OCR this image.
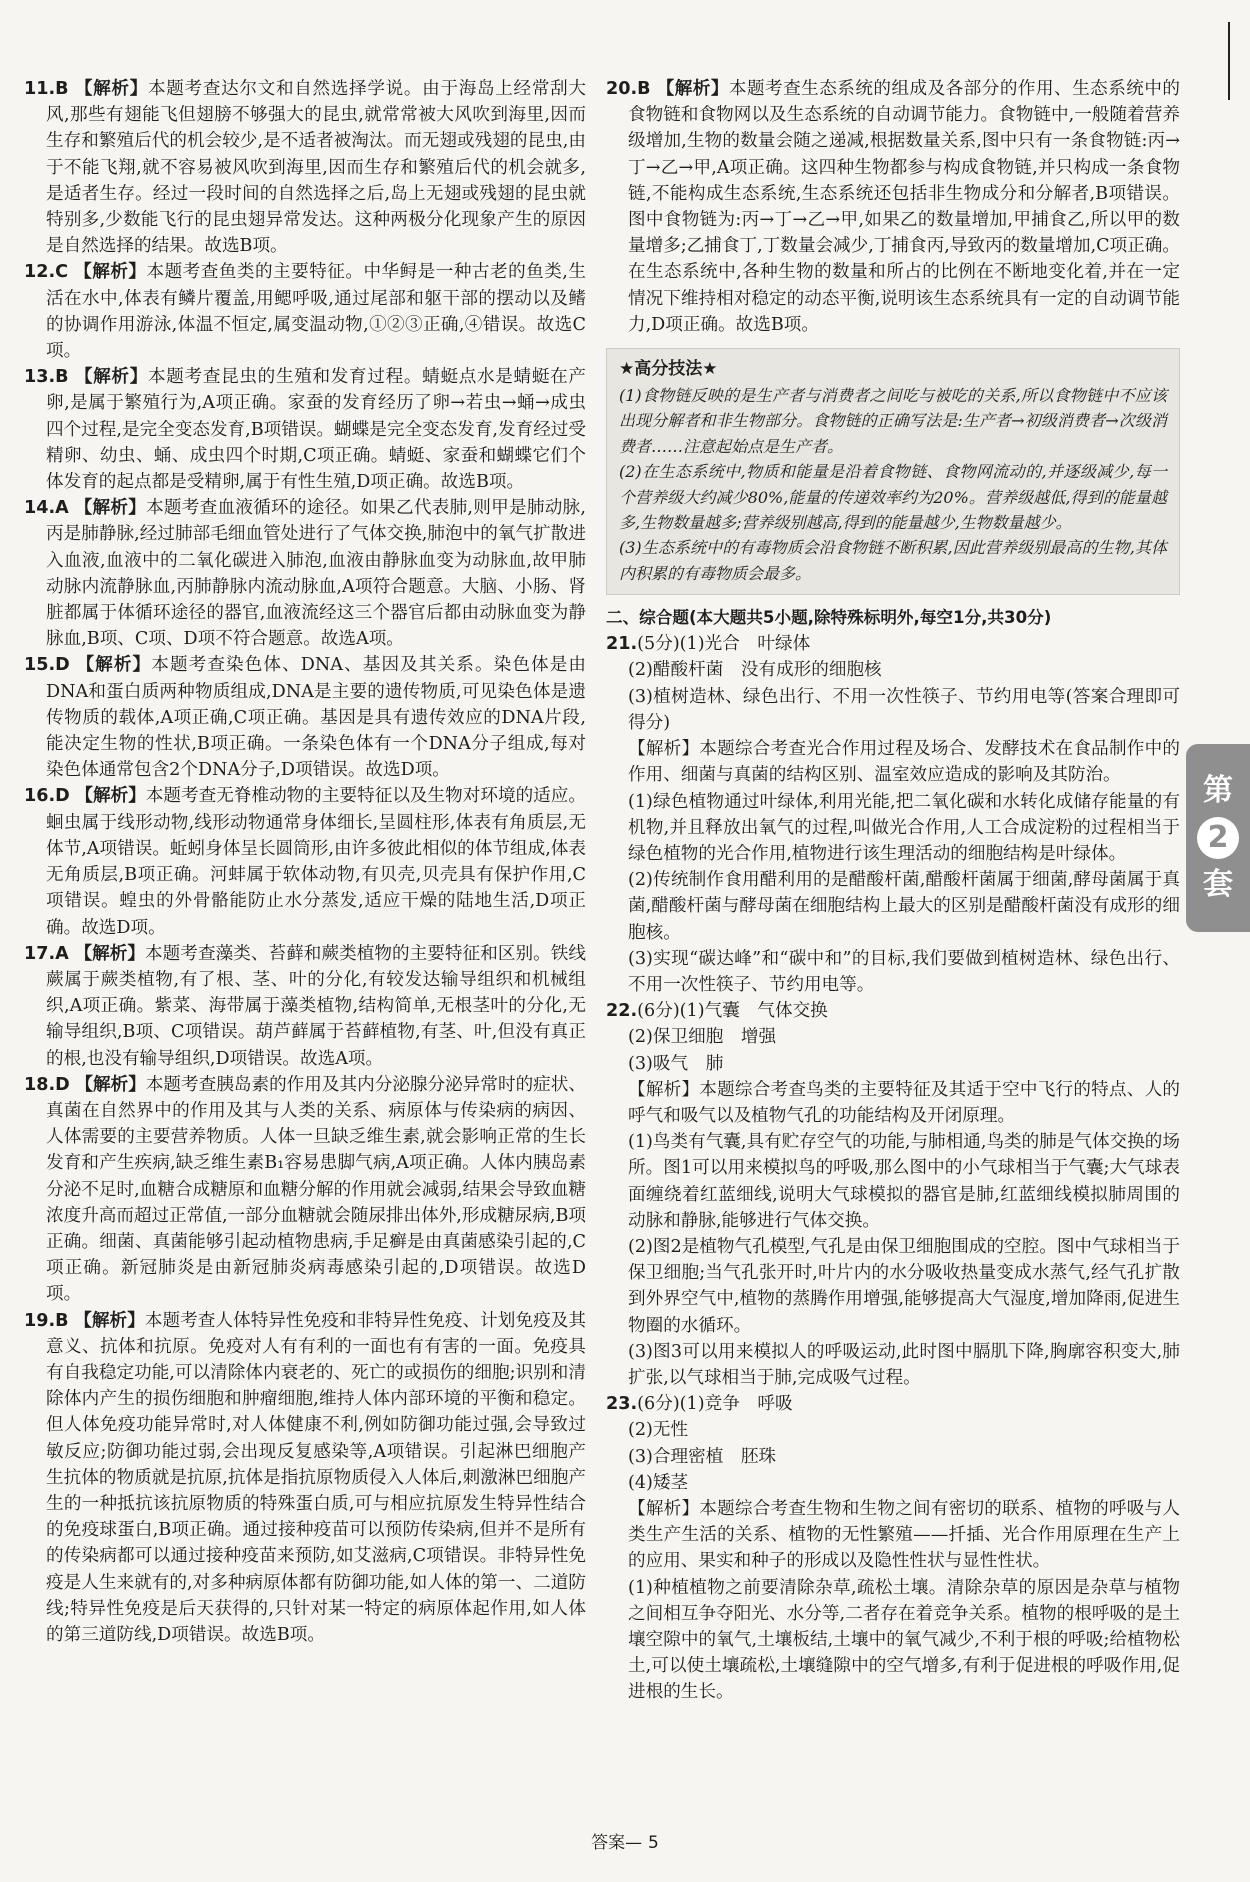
11.B 【解析】本题考查达尔文和自然选择学说。由于海岛上经常刮大风,那些有翅能飞但翅膀不够强大的昆虫,就常常被大风吹到海里,因而生存和繁殖后代的机会较少,是不适者被淘汰。而无翅或残翅的昆虫,由于不能飞翔,就不容易被风吹到海里,因而生存和繁殖后代的机会就多,是适者生存。经过一段时间的自然选择之后,岛上无翅或残翅的昆虫就特别多,少数能飞行的昆虫翅异常发达。这种两极分化现象产生的原因是自然选择的结果。故选B项。

12.C 【解析】本题考查鱼类的主要特征。中华鲟是一种古老的鱼类,生活在水中,体表有鳞片覆盖,用鳃呼吸,通过尾部和躯干部的摆动以及鳍的协调作用游泳,体温不恒定,属变温动物,①②③正确,④错误。故选C项。

13.B 【解析】本题考查昆虫的生殖和发育过程。蜻蜓点水是蜻蜓在产卵,是属于繁殖行为,A项正确。家蚕的发育经历了卵→若虫→蛹→成虫四个过程,是完全变态发育,B项错误。蝴蝶是完全变态发育,发育经过受精卵、幼虫、蛹、成虫四个时期,C项正确。蜻蜓、家蚕和蝴蝶它们个体发育的起点都是受精卵,属于有性生殖,D项正确。故选B项。

14.A 【解析】本题考查血液循环的途径。如果乙代表肺,则甲是肺动脉,丙是肺静脉,经过肺部毛细血管处进行了气体交换,肺泡中的氧气扩散进入血液,血液中的二氧化碳进入肺泡,血液由静脉血变为动脉血,故甲肺动脉内流静脉血,丙肺静脉内流动脉血,A项符合题意。大脑、小肠、肾脏都属于体循环途径的器官,血液流经这三个器官后都由动脉血变为静脉血,B项、C项、D项不符合题意。故选A项。

15.D 【解析】本题考查染色体、DNA、基因及其关系。染色体是由DNA和蛋白质两种物质组成,DNA是主要的遗传物质,可见染色体是遗传物质的载体,A项正确,C项正确。基因是具有遗传效应的DNA片段,能决定生物的性状,B项正确。一条染色体有一个DNA分子组成,每对染色体通常包含2个DNA分子,D项错误。故选D项。

16.D 【解析】本题考查无脊椎动物的主要特征以及生物对环境的适应。蛔虫属于线形动物,线形动物通常身体细长,呈圆柱形,体表有角质层,无体节,A项错误。蚯蚓身体呈长圆筒形,由许多彼此相似的体节组成,体表无角质层,B项正确。河蚌属于软体动物,有贝壳,贝壳具有保护作用,C项错误。蝗虫的外骨骼能防止水分蒸发,适应干燥的陆地生活,D项正确。故选D项。

17.A 【解析】本题考查藻类、苔藓和蕨类植物的主要特征和区别。铁线蕨属于蕨类植物,有了根、茎、叶的分化,有较发达输导组织和机械组织,A项正确。紫菜、海带属于藻类植物,结构简单,无根茎叶的分化,无输导组织,B项、C项错误。葫芦藓属于苔藓植物,有茎、叶,但没有真正的根,也没有输导组织,D项错误。故选A项。

18.D 【解析】本题考查胰岛素的作用及其内分泌腺分泌异常时的症状、真菌在自然界中的作用及其与人类的关系、病原体与传染病的病因、人体需要的主要营养物质。人体一旦缺乏维生素,就会影响正常的生长发育和产生疾病,缺乏维生素B₁容易患脚气病,A项正确。人体内胰岛素分泌不足时,血糖合成糖原和血糖分解的作用就会减弱,结果会导致血糖浓度升高而超过正常值,一部分血糖就会随尿排出体外,形成糖尿病,B项正确。细菌、真菌能够引起动植物患病,手足癣是由真菌感染引起的,C项正确。新冠肺炎是由新冠肺炎病毒感染引起的,D项错误。故选D项。

19.B 【解析】本题考查人体特异性免疫和非特异性免疫、计划免疫及其意义、抗体和抗原。免疫对人有有利的一面也有有害的一面。免疫具有自我稳定功能,可以清除体内衰老的、死亡的或损伤的细胞;识别和清除体内产生的损伤细胞和肿瘤细胞,维持人体内部环境的平衡和稳定。但人体免疫功能异常时,对人体健康不利,例如防御功能过强,会导致过敏反应;防御功能过弱,会出现反复感染等,A项错误。引起淋巴细胞产生抗体的物质就是抗原,抗体是指抗原物质侵入人体后,刺激淋巴细胞产生的一种抵抗该抗原物质的特殊蛋白质,可与相应抗原发生特异性结合的免疫球蛋白,B项正确。通过接种疫苗可以预防传染病,但并不是所有的传染病都可以通过接种疫苗来预防,如艾滋病,C项错误。非特异性免疫是人生来就有的,对多种病原体都有防御功能,如人体的第一、二道防线;特异性免疫是后天获得的,只针对某一特定的病原体起作用,如人体的第三道防线,D项错误。故选B项。

20.B 【解析】本题考查生态系统的组成及各部分的作用、生态系统中的食物链和食物网以及生态系统的自动调节能力。食物链中,一般随着营养级增加,生物的数量会随之递减,根据数量关系,图中只有一条食物链:丙→丁→乙→甲,A项正确。这四种生物都参与构成食物链,并只构成一条食物链,不能构成生态系统,生态系统还包括非生物成分和分解者,B项错误。图中食物链为:丙→丁→乙→甲,如果乙的数量增加,甲捕食乙,所以甲的数量增多;乙捕食丁,丁数量会减少,丁捕食丙,导致丙的数量增加,C项正确。在生态系统中,各种生物的数量和所占的比例在不断地变化着,并在一定情况下维持相对稳定的动态平衡,说明该生态系统具有一定的自动调节能力,D项正确。故选B项。

★高分技法★

(1)食物链反映的是生产者与消费者之间吃与被吃的关系,所以食物链中不应该出现分解者和非生物部分。食物链的正确写法是:生产者→初级消费者→次级消费者……注意起始点是生产者。

(2)在生态系统中,物质和能量是沿着食物链、食物网流动的,并逐级减少,每一个营养级大约减少80%,能量的传递效率约为20%。营养级越低,得到的能量越多,生物数量越多;营养级别越高,得到的能量越少,生物数量越少。

(3)生态系统中的有毒物质会沿食物链不断积累,因此营养级别最高的生物,其体内积累的有毒物质会最多。

二、综合题(本大题共5小题,除特殊标明外,每空1分,共30分)

21.(5分)(1)光合　叶绿体

(2)醋酸杆菌　没有成形的细胞核
(3)植树造林、绿色出行、不用一次性筷子、节约用电等(答案合理即可得分)
【解析】本题综合考查光合作用过程及场合、发酵技术在食品制作中的作用、细菌与真菌的结构区别、温室效应造成的影响及其防治。
(1)绿色植物通过叶绿体,利用光能,把二氧化碳和水转化成储存能量的有机物,并且释放出氧气的过程,叫做光合作用,人工合成淀粉的过程相当于绿色植物的光合作用,植物进行该生理活动的细胞结构是叶绿体。
(2)传统制作食用醋利用的是醋酸杆菌,醋酸杆菌属于细菌,酵母菌属于真菌,醋酸杆菌与酵母菌在细胞结构上最大的区别是醋酸杆菌没有成形的细胞核。
(3)实现“碳达峰”和“碳中和”的目标,我们要做到植树造林、绿色出行、不用一次性筷子、节约用电等。

22.(6分)(1)气囊　气体交换

(2)保卫细胞　增强
(3)吸气　肺
【解析】本题综合考查鸟类的主要特征及其适于空中飞行的特点、人的呼气和吸气以及植物气孔的功能结构及开闭原理。
(1)鸟类有气囊,具有贮存空气的功能,与肺相通,鸟类的肺是气体交换的场所。图1可以用来模拟鸟的呼吸,那么图中的小气球相当于气囊;大气球表面缠绕着红蓝细线,说明大气球模拟的器官是肺,红蓝细线模拟肺周围的动脉和静脉,能够进行气体交换。
(2)图2是植物气孔模型,气孔是由保卫细胞围成的空腔。图中气球相当于保卫细胞;当气孔张开时,叶片内的水分吸收热量变成水蒸气,经气孔扩散到外界空气中,植物的蒸腾作用增强,能够提高大气湿度,增加降雨,促进生物圈的水循环。
(3)图3可以用来模拟人的呼吸运动,此时图中膈肌下降,胸廓容积变大,肺扩张,以气球相当于肺,完成吸气过程。

23.(6分)(1)竞争　呼吸

(2)无性
(3)合理密植　胚珠
(4)矮茎
【解析】本题综合考查生物和生物之间有密切的联系、植物的呼吸与人类生产生活的关系、植物的无性繁殖——扦插、光合作用原理在生产上的应用、果实和种子的形成以及隐性性状与显性性状。
(1)种植植物之前要清除杂草,疏松土壤。清除杂草的原因是杂草与植物之间相互争夺阳光、水分等,二者存在着竞争关系。植物的根呼吸的是土壤空隙中的氧气,土壤板结,土壤中的氧气减少,不利于根的呼吸;给植物松土,可以使土壤疏松,土壤缝隙中的空气增多,有利于促进根的呼吸作用,促进根的生长。
第
2
套
答案— 5
